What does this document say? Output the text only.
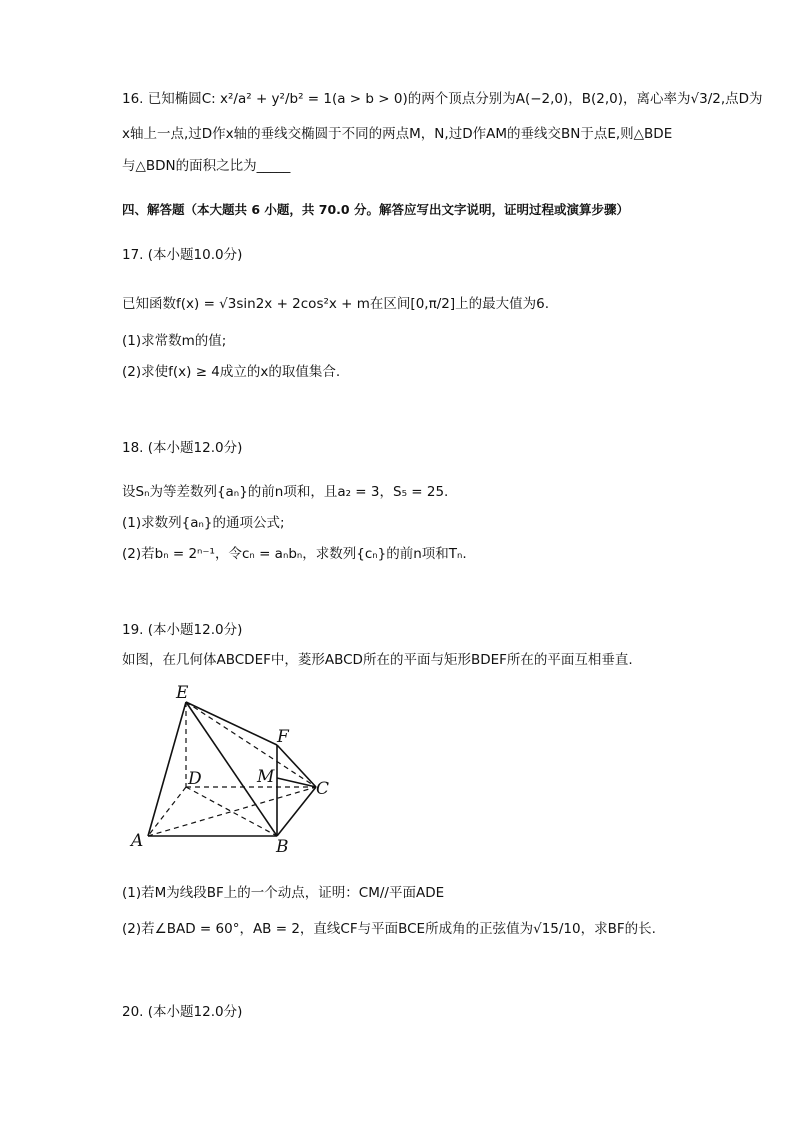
16. 已知椭圆C: x²/a² + y²/b² = 1(a > b > 0)的两个顶点分别为A(−2,0)，B(2,0)，离心率为√3/2,点D为
x轴上一点,过D作x轴的垂线交椭圆于不同的两点M，N,过D作AM的垂线交BN于点E,则△BDE
与△BDN的面积之比为_____
四、解答题（本大题共 6 小题，共 70.0 分。解答应写出文字说明，证明过程或演算步骤）
17. (本小题10.0分)
已知函数f(x) = √3sin2x + 2cos²x + m在区间[0,π/2]上的最大值为6.
(1)求常数m的值;
(2)求使f(x) ≥ 4成立的x的取值集合.
18. (本小题12.0分)
设Sₙ为等差数列{aₙ}的前n项和，且a₂ = 3，S₅ = 25.
(1)求数列{aₙ}的通项公式;
(2)若bₙ = 2ⁿ⁻¹，令cₙ = aₙbₙ，求数列{cₙ}的前n项和Tₙ.
19. (本小题12.0分)
如图，在几何体ABCDEF中，菱形ABCD所在的平面与矩形BDEF所在的平面互相垂直.
E
F
D	M
C
A	B
(1)若M为线段BF上的一个动点，证明：CM//平面ADE
(2)若∠BAD = 60°，AB = 2，直线CF与平面BCE所成角的正弦值为√15/10，求BF的长.
20. (本小题12.0分)
